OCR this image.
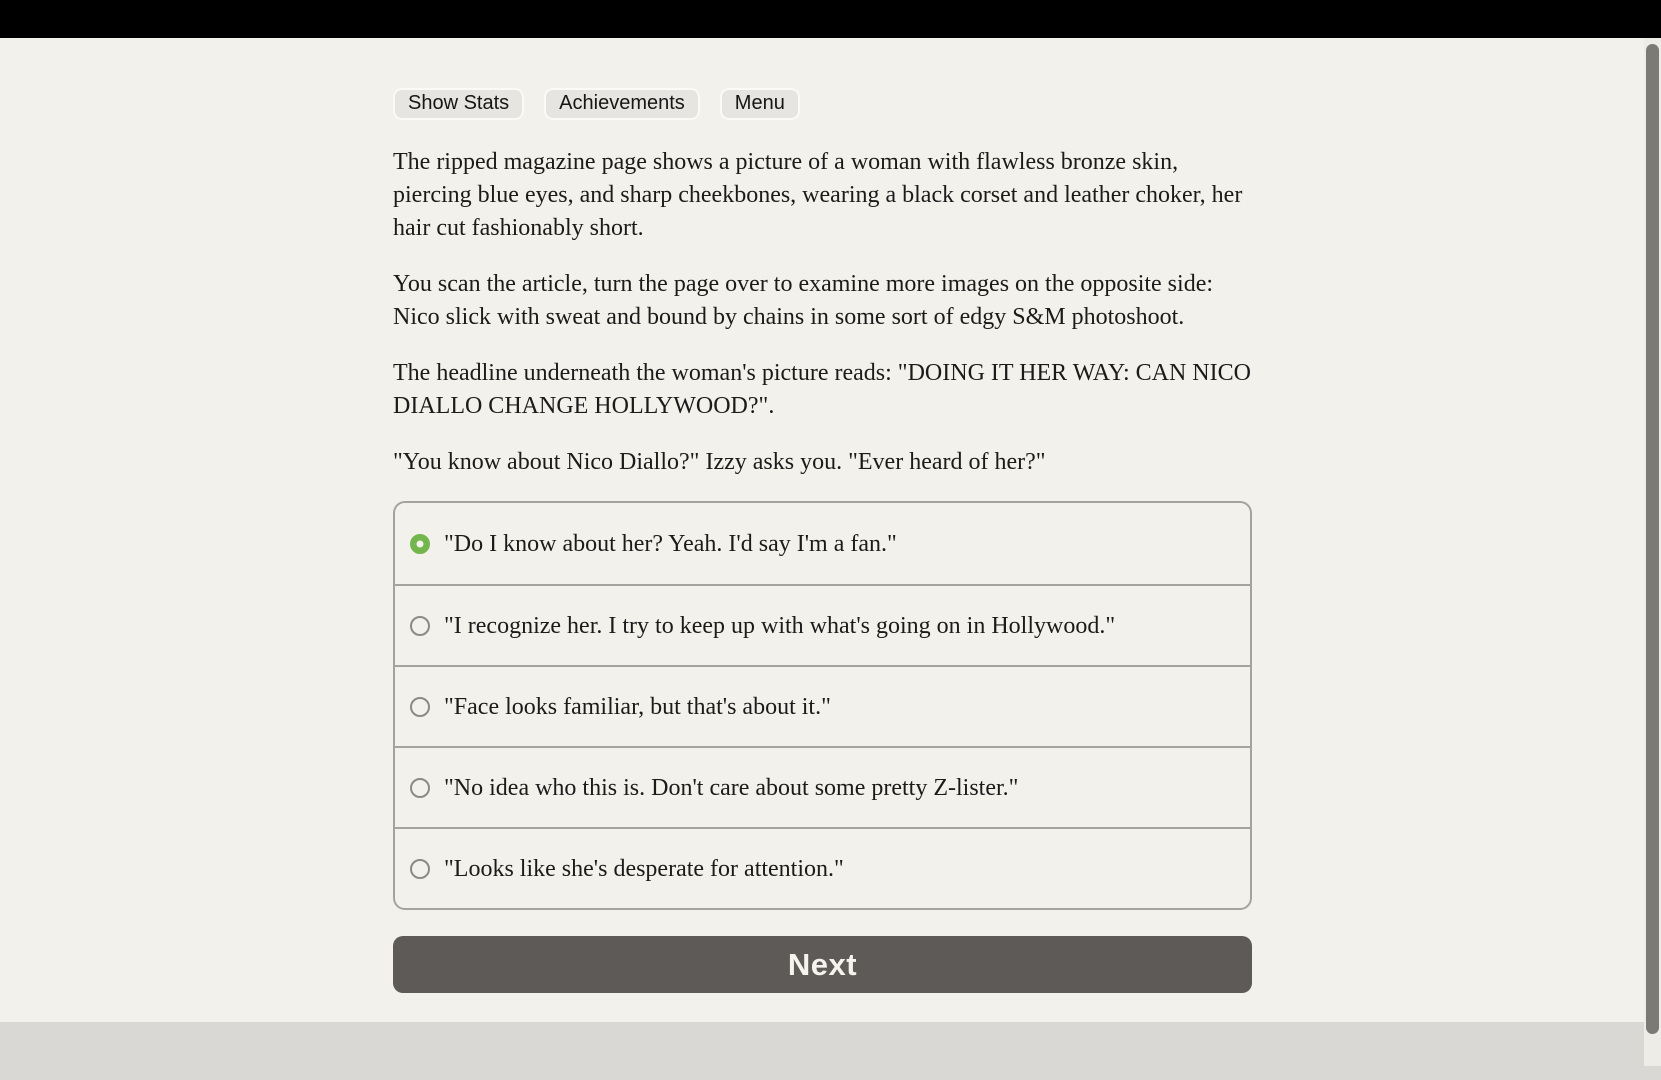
Show Stats	Achievements	Menu

The ripped magazine page shows a picture of a woman with flawless bronze skin, piercing blue eyes, and sharp cheekbones, wearing a black corset and leather choker, her hair cut fashionably short.

You scan the article, turn the page over to examine more images on the opposite side: Nico slick with sweat and bound by chains in some sort of edgy S&M photoshoot.

The headline underneath the woman's picture reads: "DOING IT HER WAY: CAN NICO DIALLO CHANGE HOLLYWOOD?".

"You know about Nico Diallo?" Izzy asks you. "Ever heard of her?"

"Do I know about her? Yeah. I'd say I'm a fan."
"I recognize her. I try to keep up with what's going on in Hollywood."
"Face looks familiar, but that's about it."
"No idea who this is. Don't care about some pretty Z-lister."
"Looks like she's desperate for attention."
Next
